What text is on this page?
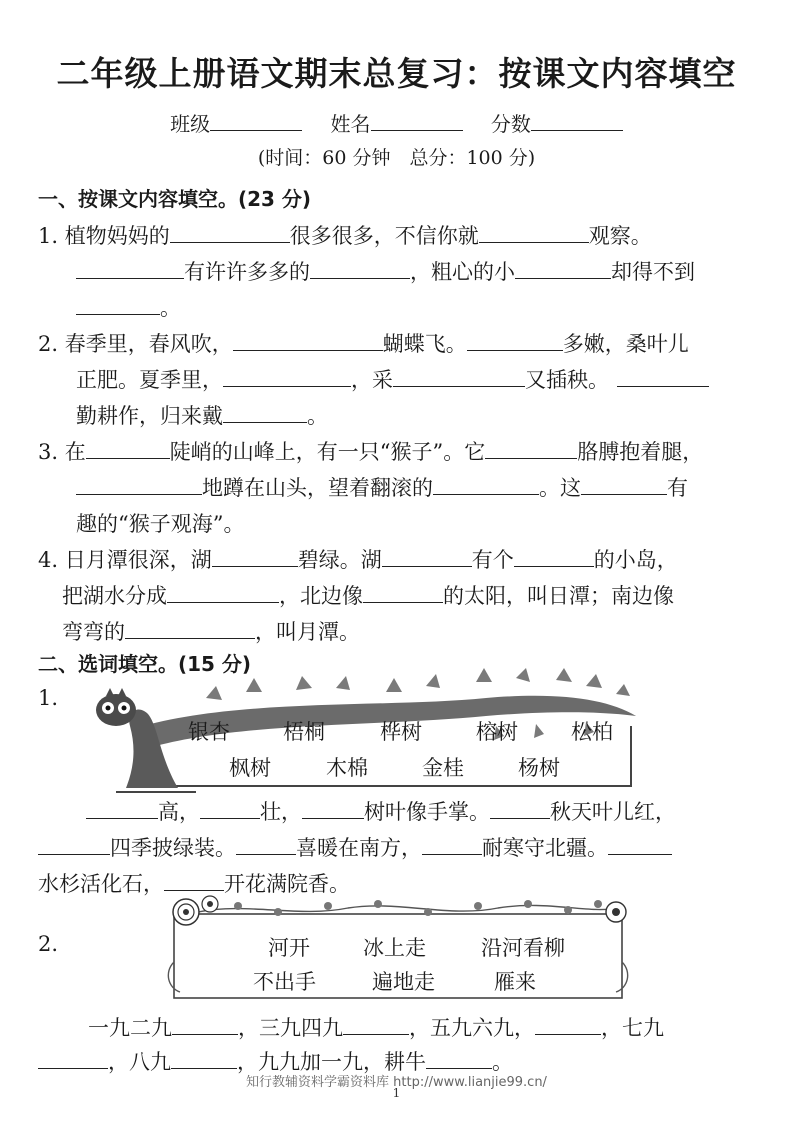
二年级上册语文期末总复习：按课文内容填空
班级	姓名	分数
(时间：60 分钟　总分：100 分)
一、按课文内容填空。(23 分)
1. 植物妈妈的	很多很多，不信你就	观察。
有许许多多的	，粗心的小	却得不到
。
2. 春季里，春风吹，	蝴蝶飞。	多嫩，桑叶儿
正肥。夏季里，	，采	又插秧。
勤耕作，归来戴	。
3. 在	陡峭的山峰上，有一只“猴子”。它	胳膊抱着腿，
地蹲在山头，望着翻滚的	。这	有
趣的“猴子观海”。
4. 日月潭很深，湖	碧绿。湖	有个	的小岛，
把湖水分成	，北边像	的太阳，叫日潭；南边像
弯弯的	，叫月潭。
二、选词填空。(15 分)
1.
银杏	梧桐	桦树	榕树	松柏
枫树	木棉	金桂	杨树
高，	壮，	树叶像手掌。	秋天叶儿红，
四季披绿装。	喜暖在南方，	耐寒守北疆。
水杉活化石，	开花满院香。
2.	河开	冰上走	沿河看柳
不出手	遍地走	雁来
一九二九	，三九四九	，五九六九，	，七九
，八九	，九九加一九，耕牛	。
知行教辅资料学霸资料库 http://www.lianjie99.cn/
1
